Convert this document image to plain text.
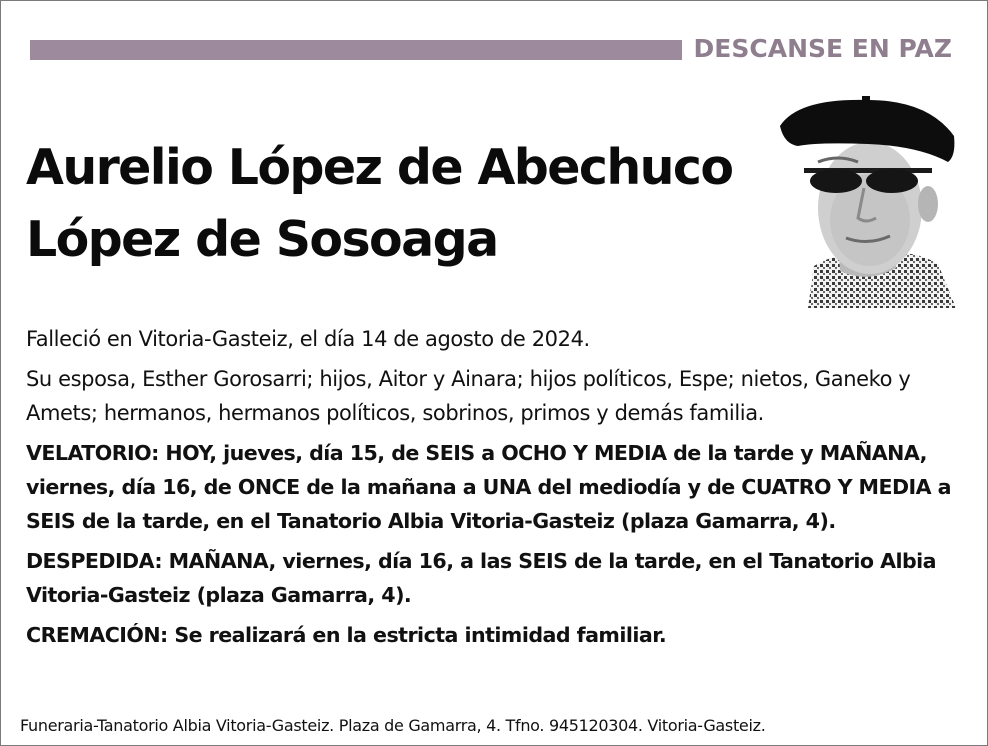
DESCANSE EN PAZ
Aurelio López de Abechuco
López de Sosoaga

Falleció en Vitoria-Gasteiz, el día 14 de agosto de 2024.

Su esposa, Esther Gorosarri; hijos, Aitor y Ainara; hijos políticos, Espe; nietos, Ganeko y Amets; hermanos, hermanos políticos, sobrinos, primos y demás familia.

VELATORIO: HOY, jueves, día 15, de SEIS a OCHO Y MEDIA de la tarde y MAÑANA, viernes, día 16, de ONCE de la mañana a UNA del mediodía y de CUATRO Y MEDIA a SEIS de la tarde, en el Tanatorio Albia Vitoria-Gasteiz (plaza Gamarra, 4).

DESPEDIDA: MAÑANA, viernes, día 16, a las SEIS de la tarde, en el Tanatorio Albia Vitoria-Gasteiz (plaza Gamarra, 4).

CREMACIÓN: Se realizará en la estricta intimidad familiar.

Funeraria-Tanatorio Albia Vitoria-Gasteiz. Plaza de Gamarra, 4. Tfno. 945120304. Vitoria-Gasteiz.
